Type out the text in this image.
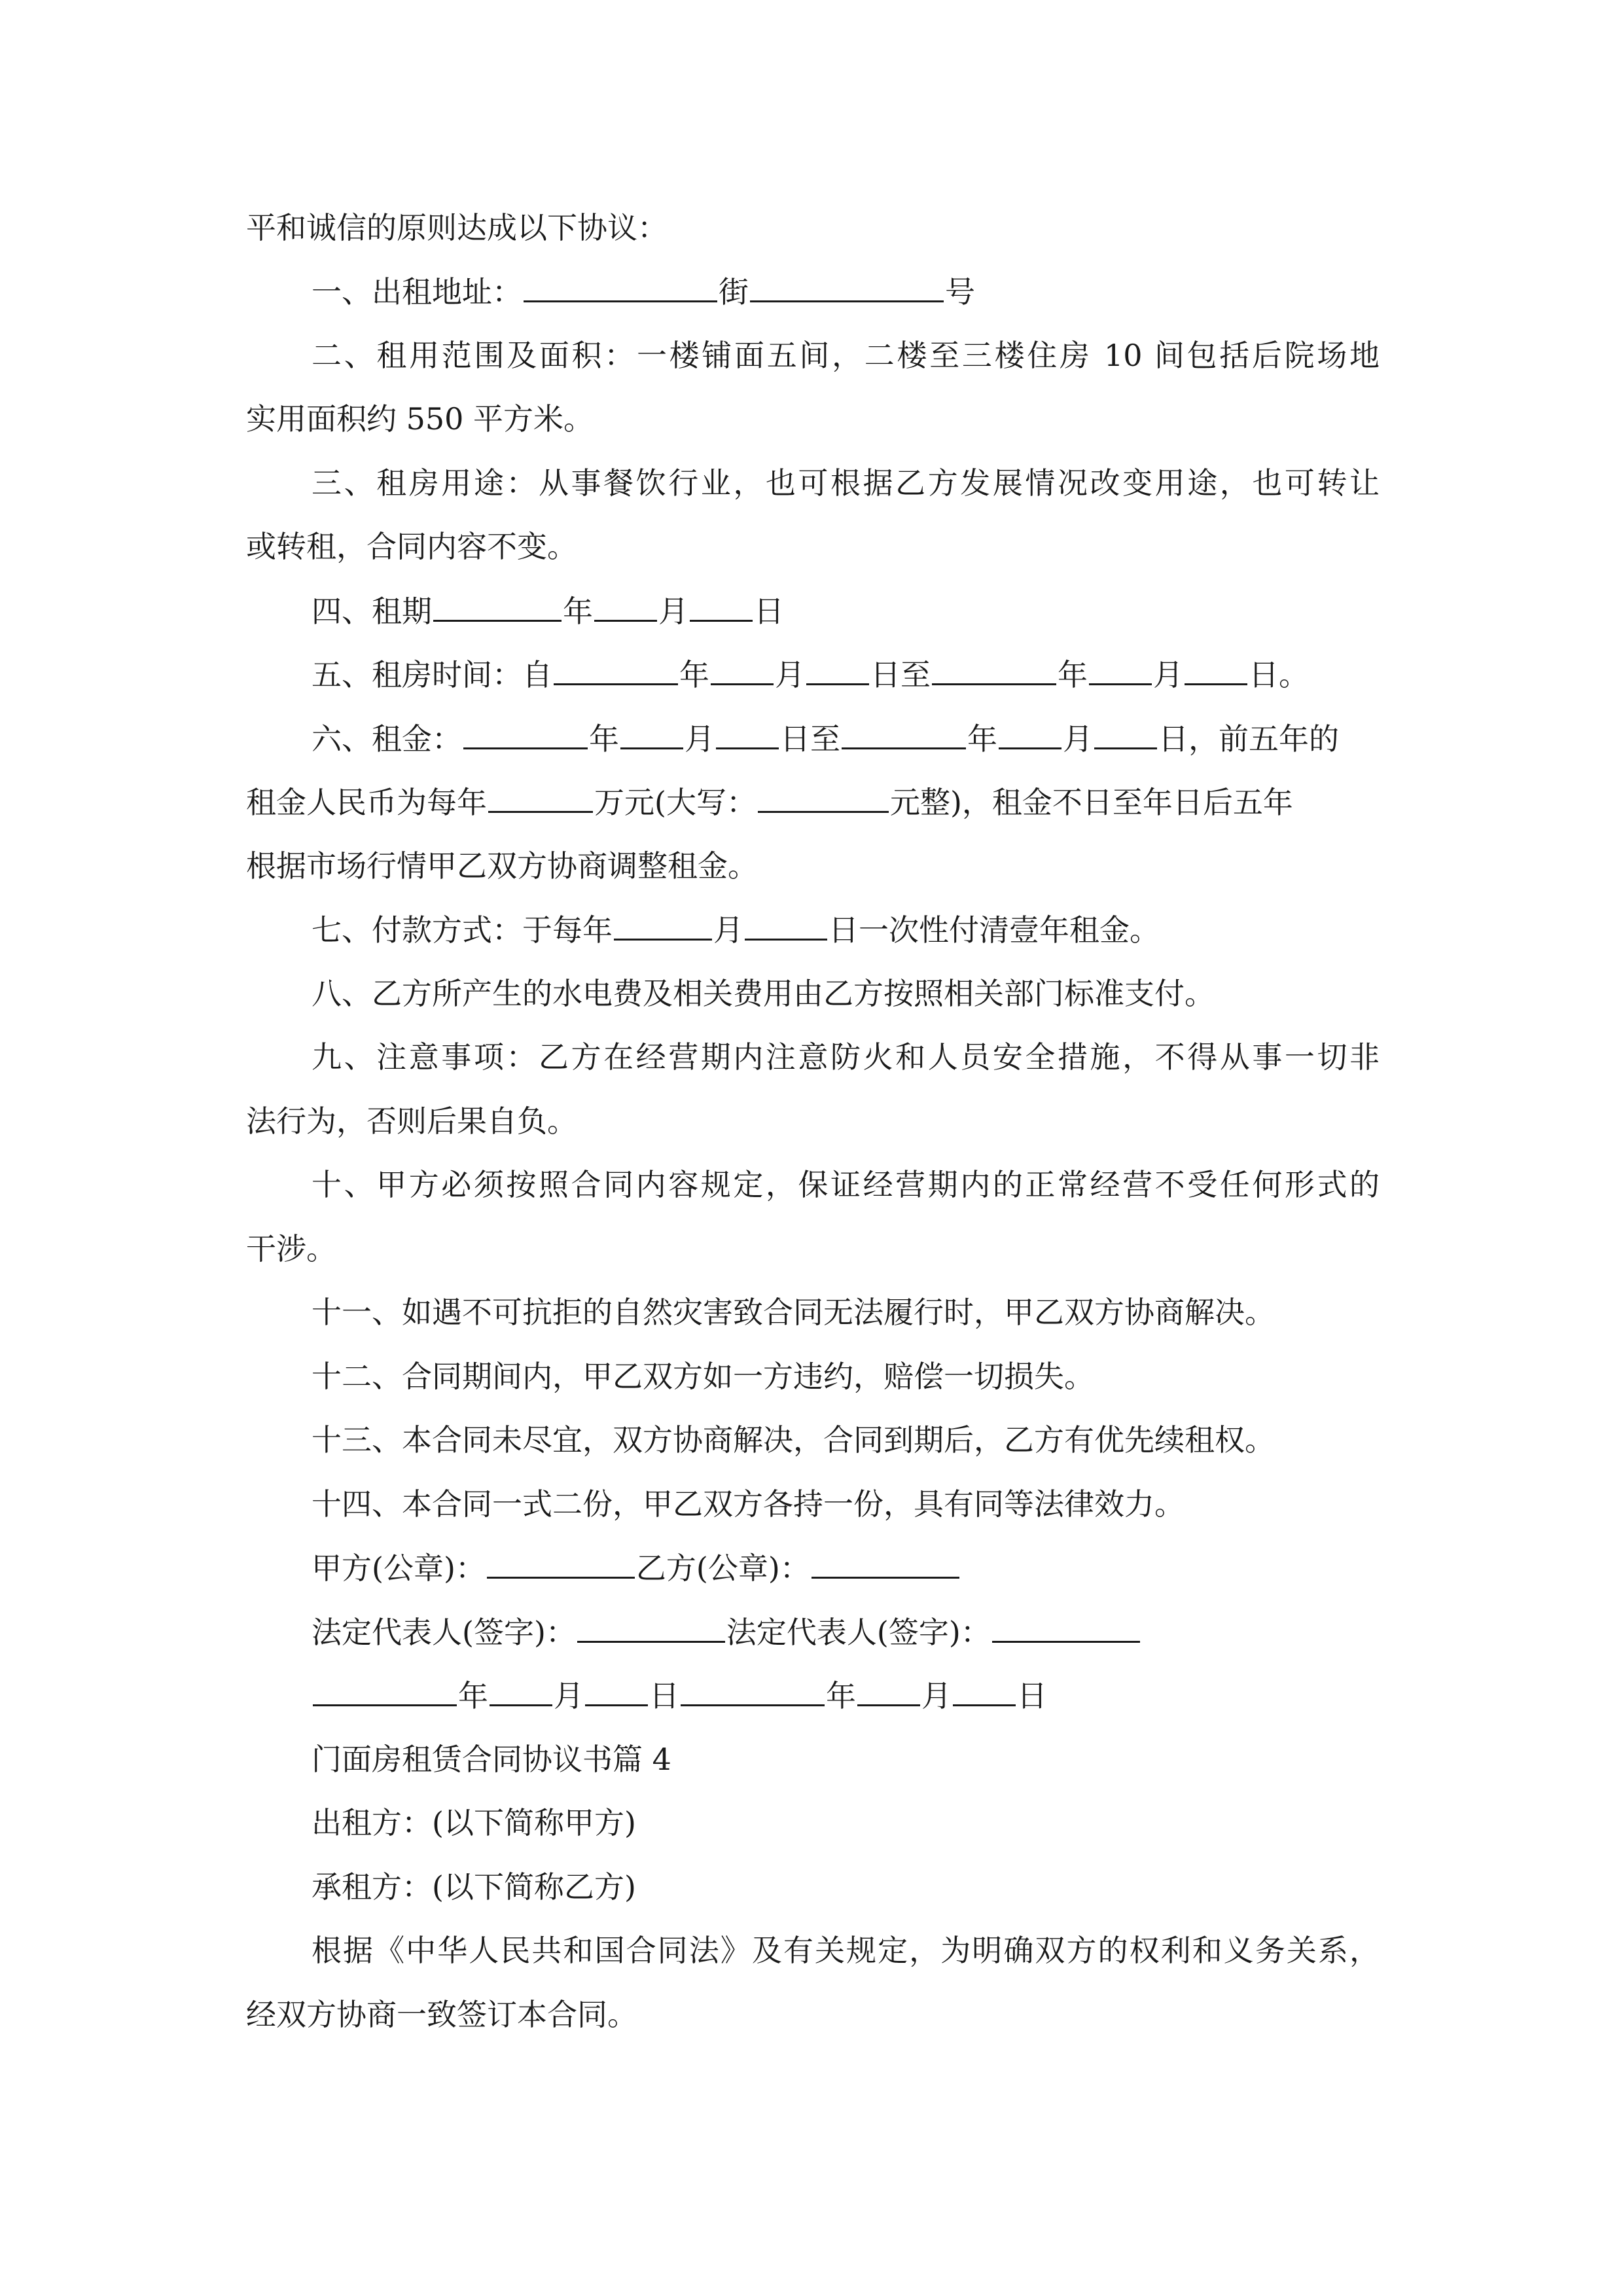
平和诚信的原则达成以下协议：
一、出租地址：	街	号
二、租用范围及面积：一楼铺面五间，二楼至三楼住房 10 间包括后院场地
实用面积约 550 平方米。
三、租房用途：从事餐饮行业，也可根据乙方发展情况改变用途，也可转让
或转租，合同内容不变。
四、租期	年 月 日
五、租房时间：自	年 月 日至	年 月 日。
六、租金：	年 月 日至	年 月 日，前五年的
租金人民币为每年	万元(大写：	元整)，租金不日至年日后五年
根据市场行情甲乙双方协商调整租金。
七、付款方式：于每年	月	日一次性付清壹年租金。
八、乙方所产生的水电费及相关费用由乙方按照相关部门标准支付。
九、注意事项：乙方在经营期内注意防火和人员安全措施，不得从事一切非
法行为，否则后果自负。
十、甲方必须按照合同内容规定，保证经营期内的正常经营不受任何形式的
干涉。
十一、如遇不可抗拒的自然灾害致合同无法履行时，甲乙双方协商解决。
十二、合同期间内，甲乙双方如一方违约，赔偿一切损失。
十三、本合同未尽宜，双方协商解决，合同到期后，乙方有优先续租权。
十四、本合同一式二份，甲乙双方各持一份，具有同等法律效力。
甲方(公章)：	乙方(公章)：
法定代表人(签字)：	法定代表人(签字)：
年 月 日	年 月 日
门面房租赁合同协议书篇 4
出租方：(以下简称甲方)
承租方：(以下简称乙方)
根据《中华人民共和国合同法》及有关规定，为明确双方的权利和义务关系，
经双方协商一致签订本合同。
